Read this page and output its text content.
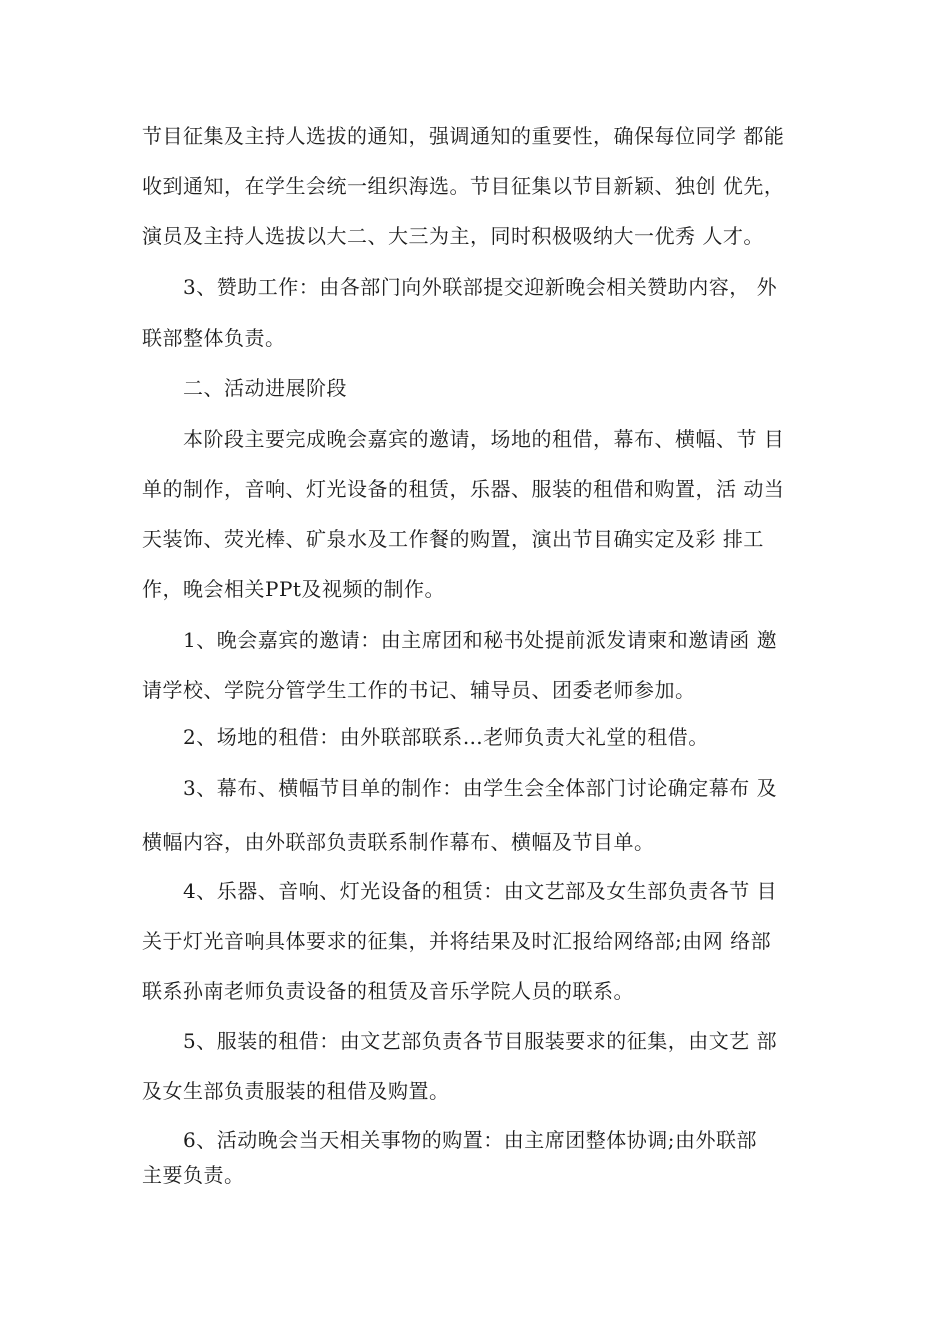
节目征集及主持人选拔的通知，强调通知的重要性，确保每位同学 都能

收到通知，在学生会统一组织海选。节目征集以节目新颖、独创 优先，

演员及主持人选拔以大二、大三为主，同时积极吸纳大一优秀 人才。

3、赞助工作：由各部门向外联部提交迎新晚会相关赞助内容， 外

联部整体负责。

二、活动进展阶段

本阶段主要完成晚会嘉宾的邀请，场地的租借，幕布、横幅、节 目

单的制作，音响、灯光设备的租赁，乐器、服装的租借和购置，活 动当

天装饰、荧光棒、矿泉水及工作餐的购置，演出节目确实定及彩 排工

作，晚会相关PPt及视频的制作。

1、晚会嘉宾的邀请：由主席团和秘书处提前派发请柬和邀请函 邀

请学校、学院分管学生工作的书记、辅导员、团委老师参加。

2、场地的租借：由外联部联系…老师负责大礼堂的租借。

3、幕布、横幅节目单的制作：由学生会全体部门讨论确定幕布 及

横幅内容，由外联部负责联系制作幕布、横幅及节目单。

4、乐器、音响、灯光设备的租赁：由文艺部及女生部负责各节 目

关于灯光音响具体要求的征集，并将结果及时汇报给网络部;由网 络部

联系孙南老师负责设备的租赁及音乐学院人员的联系。

5、服装的租借：由文艺部负责各节目服装要求的征集，由文艺 部

及女生部负责服装的租借及购置。

6、活动晚会当天相关事物的购置：由主席团整体协调;由外联部

主要负责。
